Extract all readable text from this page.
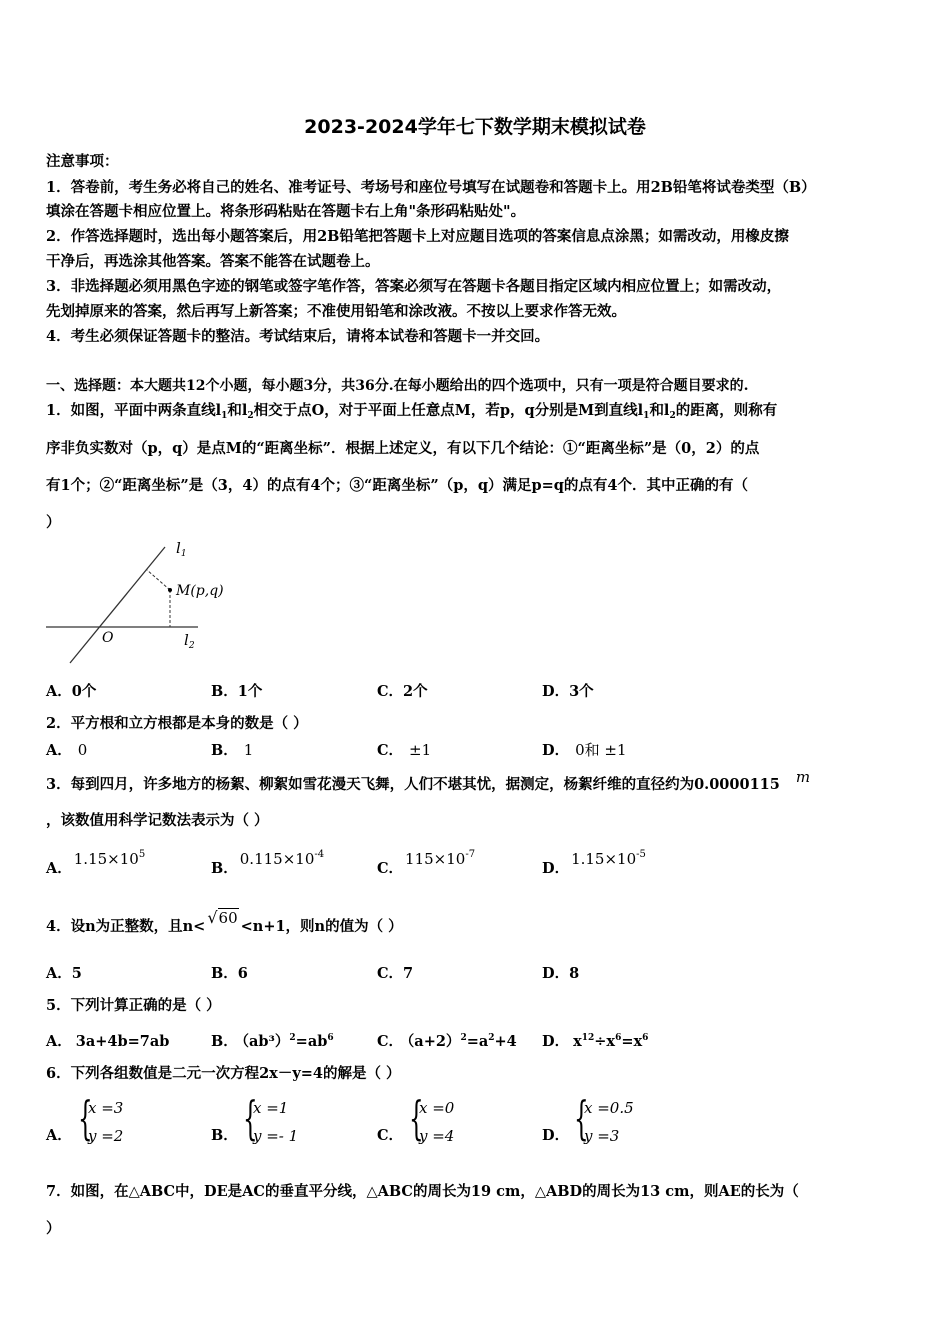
2023-2024学年七下数学期末模拟试卷
注意事项：
1．答卷前，考生务必将自己的姓名、准考证号、考场号和座位号填写在试题卷和答题卡上。用2B铅笔将试卷类型（B）
填涂在答题卡相应位置上。将条形码粘贴在答题卡右上角"条形码粘贴处"。
2．作答选择题时，选出每小题答案后，用2B铅笔把答题卡上对应题目选项的答案信息点涂黑；如需改动，用橡皮擦
干净后，再选涂其他答案。答案不能答在试题卷上。
3．非选择题必须用黑色字迹的钢笔或签字笔作答，答案必须写在答题卡各题目指定区域内相应位置上；如需改动，
先划掉原来的答案，然后再写上新答案；不准使用铅笔和涂改液。不按以上要求作答无效。
4．考生必须保证答题卡的整洁。考试结束后，请将本试卷和答题卡一并交回。
一、选择题：本大题共12个小题，每小题3分，共36分.在每小题给出的四个选项中，只有一项是符合题目要求的.
1．如图，平面中两条直线$l_1$和$l_2$相交于点O，对于平面上任意点M，若p，q分别是M到直线$l_1$和$l_2$的距离，则称有
序非负实数对（p，q）是点M的“距离坐标”．根据上述定义，有以下几个结论：①“距离坐标”是（0，2）的点
有1个；②“距离坐标”是（3，4）的点有4个；③“距离坐标”（p，q）满足p=q的点有4个．其中正确的有（
）
$l_1$
M(p,q)
O	$l_2$
A．0个	B．1个	C．2个	D．3个
2．平方根和立方根都是本身的数是（ ）
A． 0	B． 1	C． ±1	D． 0和 ±1
3．每到四月，许多地方的杨絮、柳絮如雪花漫天飞舞，人们不堪其忧，据测定，杨絮纤维的直径约为0.0000115 m
，该数值用科学记数法表示为（ ）
A．$1.15\times 10^5$
B．$0.115\times 10^{-4}$
C．$115\times 10^{-7}$
D．$1.15\times 10^{-5}$
4．设n为正整数，且n< √60 <n+1，则n的值为（ ）
A．5	B．6	C．7	D．8
5．下列计算正确的是（ ）
A． 3a+4b=7ab	B． $(ab^3)^2=ab^6$	C． $(a+2)^2=a^2+4$ D． $x^{12}\div x^6=x^6$
6．下列各组数值是二元一次方程2x－y=4的解是（ ）
A． {
x =3
y =2	B． {
x =1
y =- 1	C． {
x =0
y =4	D． {
x =0.5
y =3
7．如图，在△ABC中，DE是AC的垂直平分线，△ABC的周长为19 cm，△ABD的周长为13 cm，则AE的长为（
）
